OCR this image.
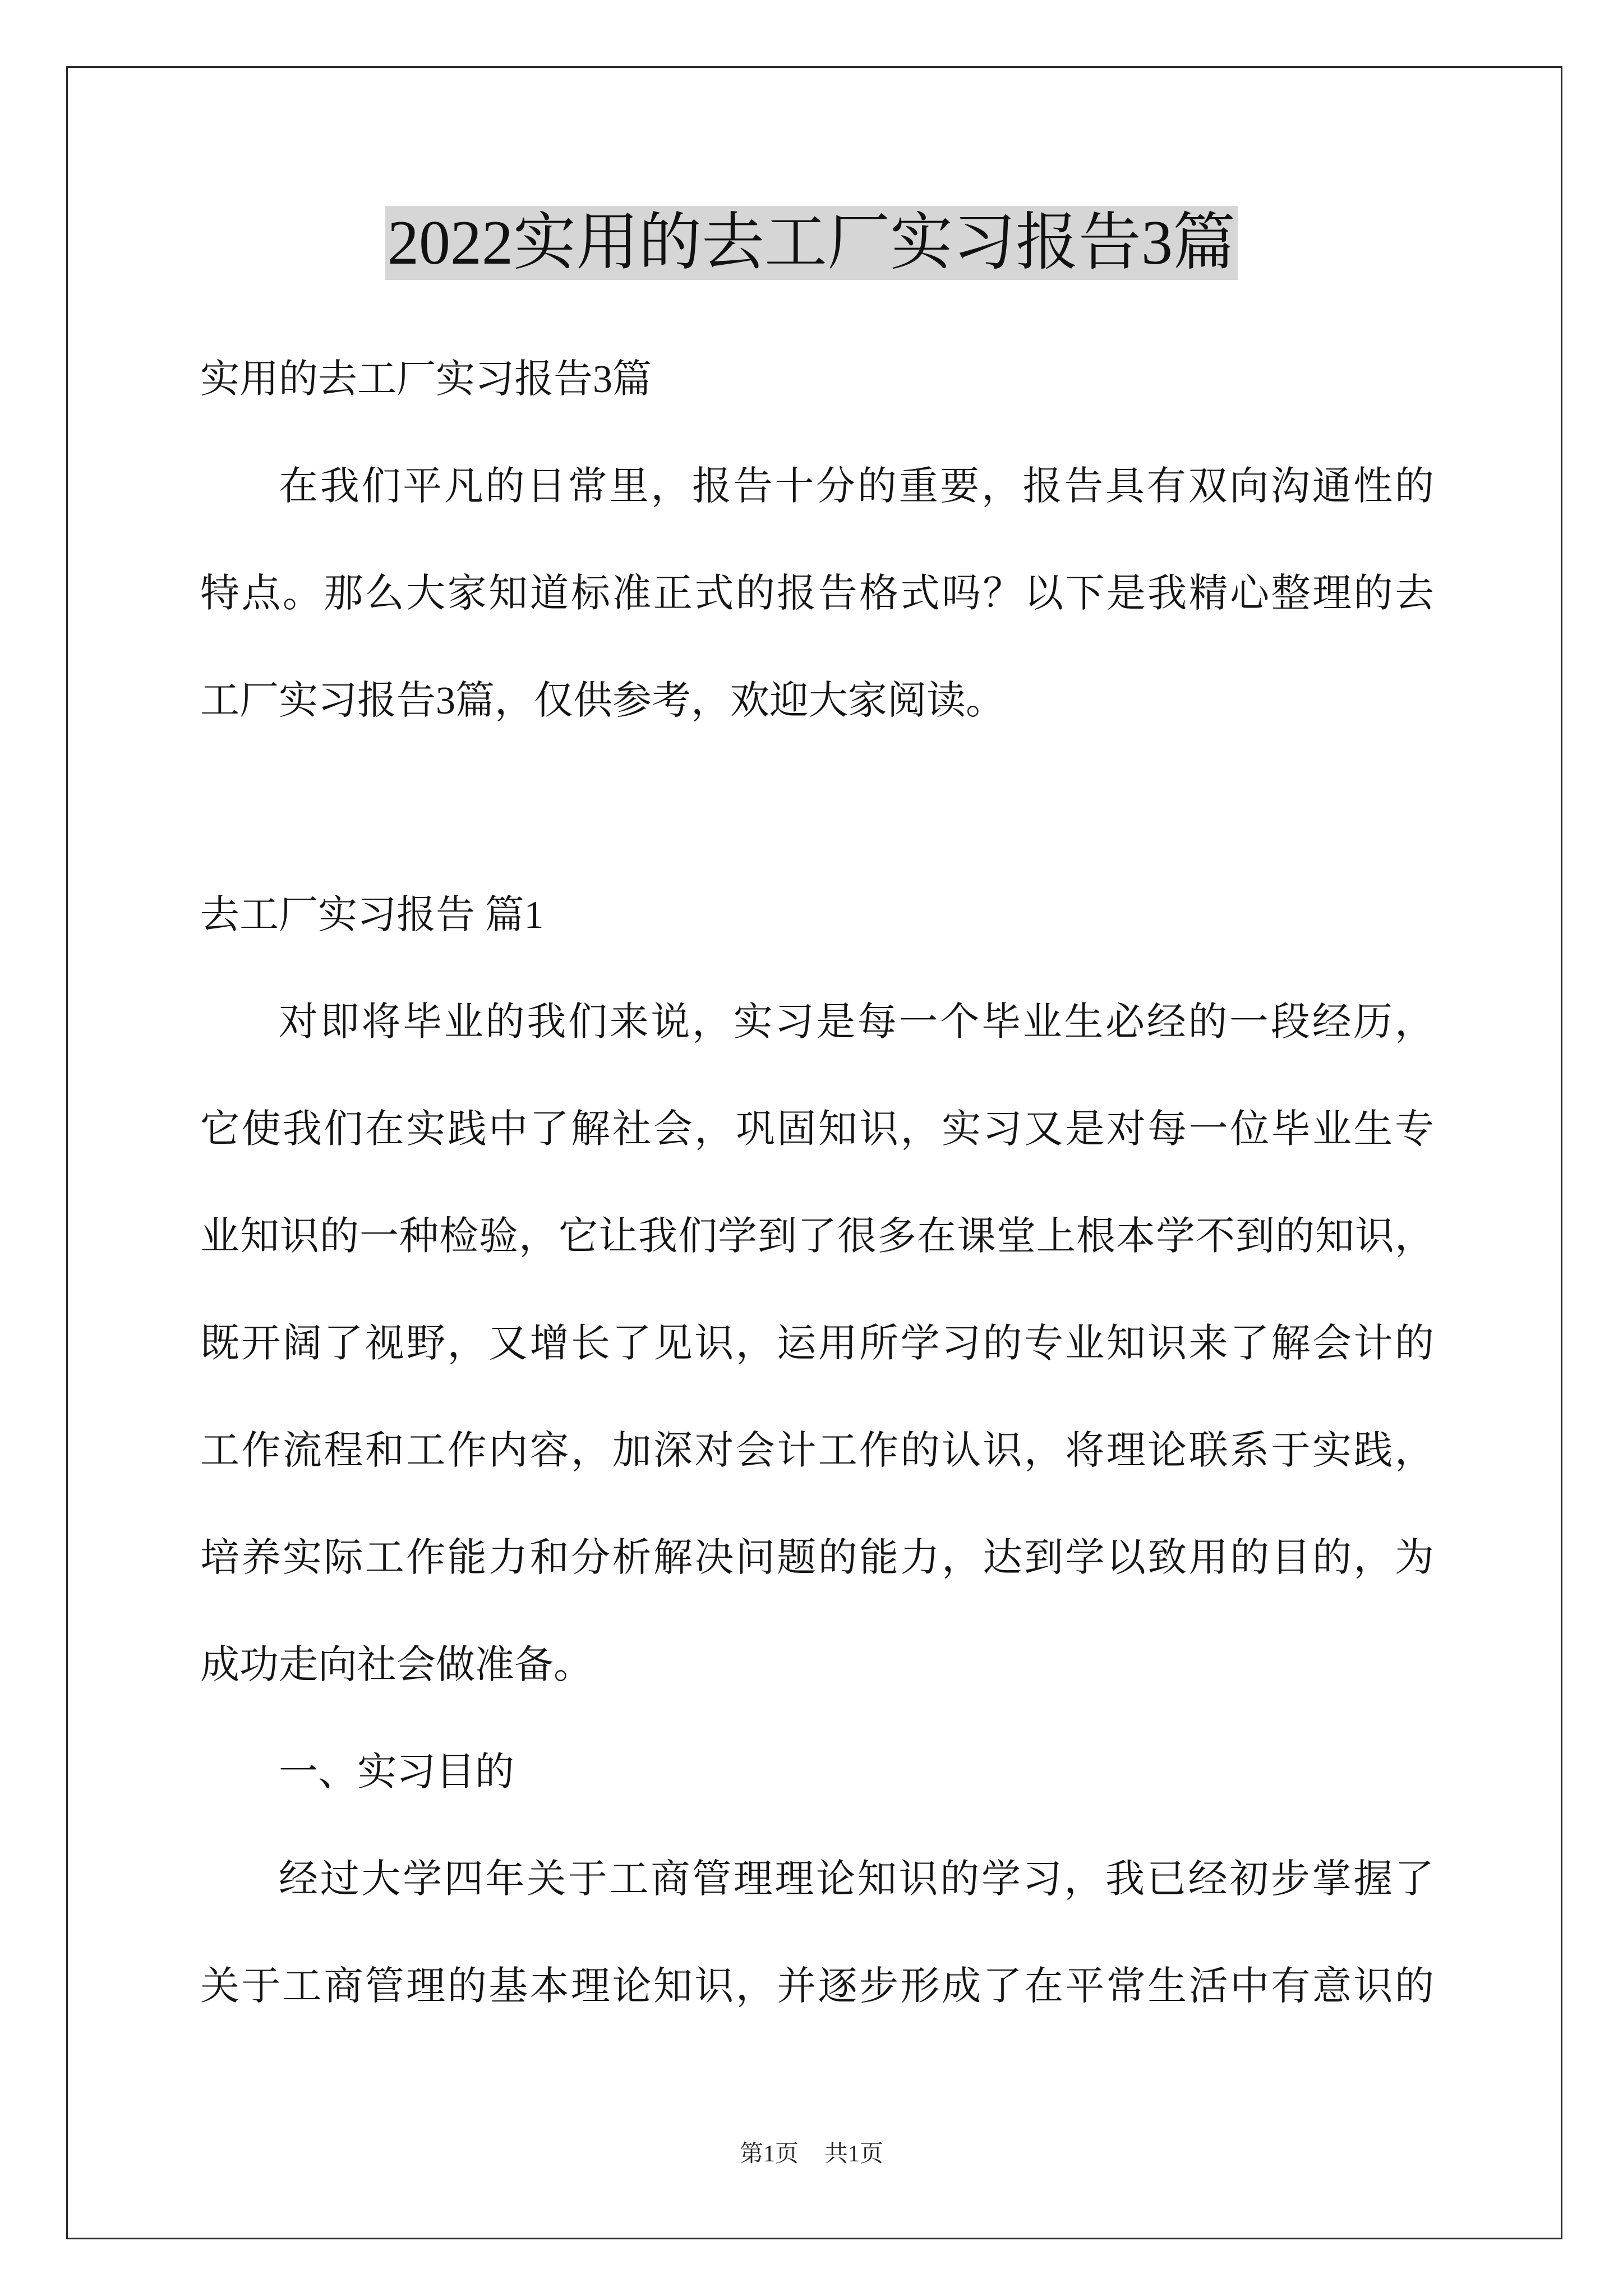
2022实用的去工厂实习报告3篇
实用的去工厂实习报告3篇
在我们平凡的日常里，报告十分的重要，报告具有双向沟通性的
特点。那么大家知道标准正式的报告格式吗？以下是我精心整理的去
工厂实习报告3篇，仅供参考，欢迎大家阅读。
去工厂实习报告 篇1
对即将毕业的我们来说，实习是每一个毕业生必经的一段经历，
它使我们在实践中了解社会，巩固知识，实习又是对每一位毕业生专
业知识的一种检验，它让我们学到了很多在课堂上根本学不到的知识，
既开阔了视野，又增长了见识，运用所学习的专业知识来了解会计的
工作流程和工作内容，加深对会计工作的认识，将理论联系于实践，
培养实际工作能力和分析解决问题的能力，达到学以致用的目的，为
成功走向社会做准备。
一、实习目的
经过大学四年关于工商管理理论知识的学习，我已经初步掌握了
关于工商管理的基本理论知识，并逐步形成了在平常生活中有意识的
第1页 共1页
